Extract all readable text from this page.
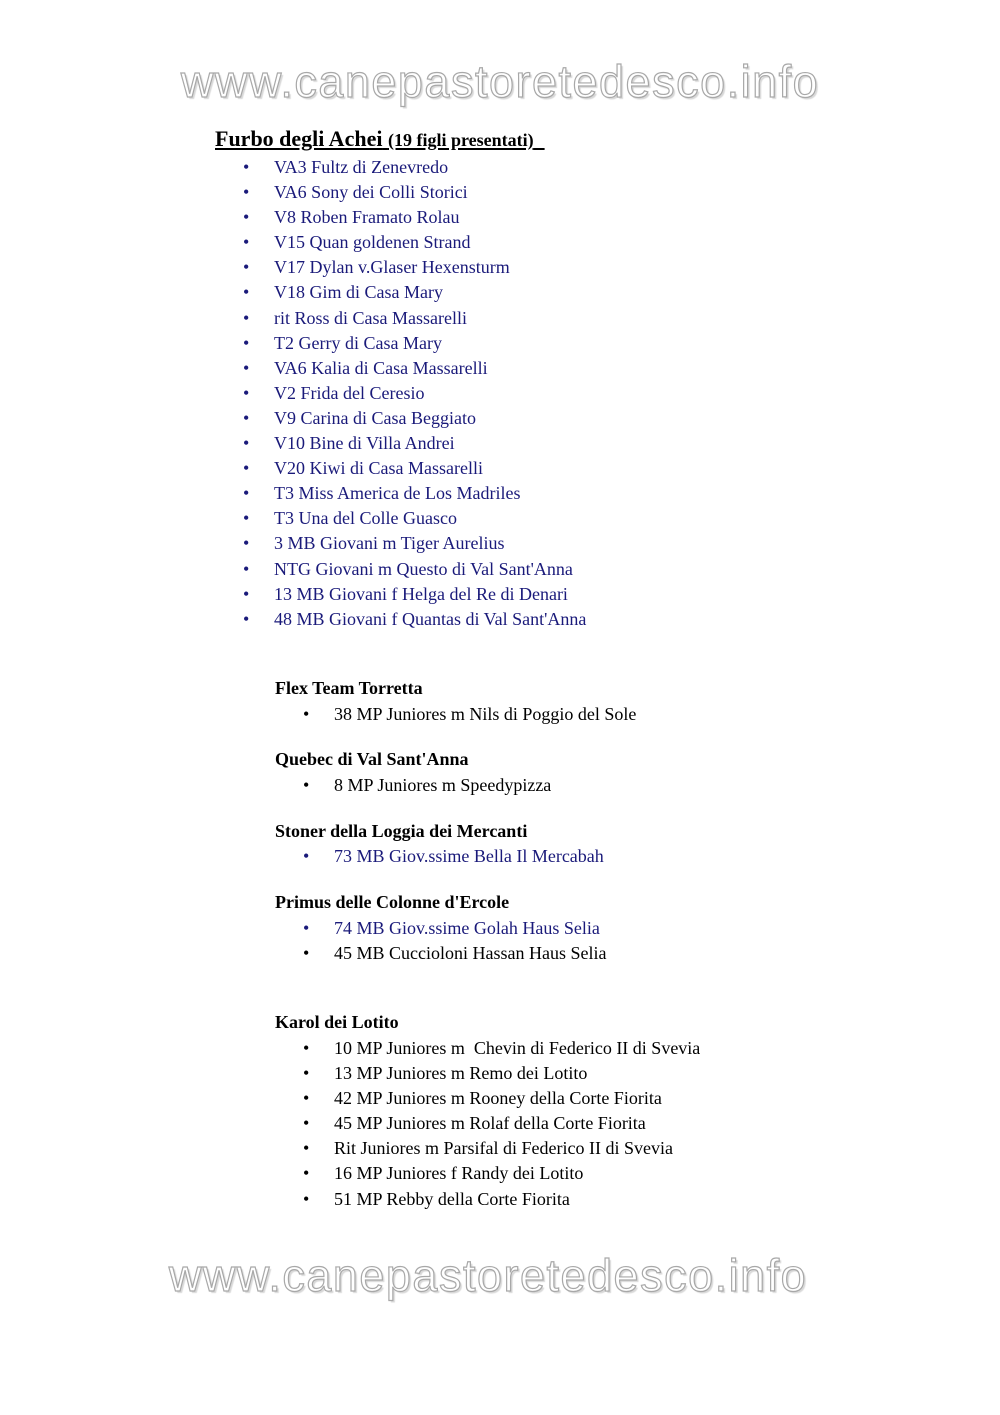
www.canepastoretedesco.info
Furbo degli Achei (19 figli presentati)
• VA3 Fultz di Zenevredo
• VA6 Sony dei Colli Storici
• V8 Roben Framato Rolau
• V15 Quan goldenen Strand
• V17 Dylan v.Glaser Hexensturm
• V18 Gim di Casa Mary
• rit Ross di Casa Massarelli
• T2 Gerry di Casa Mary
• VA6 Kalia di Casa Massarelli
• V2 Frida del Ceresio
• V9 Carina di Casa Beggiato
• V10 Bine di Villa Andrei
• V20 Kiwi di Casa Massarelli
• T3 Miss America de Los Madriles
• T3 Una del Colle Guasco
• 3 MB Giovani m Tiger Aurelius
• NTG Giovani m Questo di Val Sant'Anna
• 13 MB Giovani f Helga del Re di Denari
• 48 MB Giovani f Quantas di Val Sant'Anna
Flex Team Torretta
• 38 MP Juniores m Nils di Poggio del Sole
Quebec di Val Sant'Anna
• 8 MP Juniores m Speedypizza
Stoner della Loggia dei Mercanti
• 73 MB Giov.ssime Bella Il Mercabah
Primus delle Colonne d'Ercole
• 74 MB Giov.ssime Golah Haus Selia
• 45 MB Cuccioloni Hassan Haus Selia
Karol dei Lotito
• 10 MP Juniores m  Chevin di Federico II di Svevia
• 13 MP Juniores m Remo dei Lotito
• 42 MP Juniores m Rooney della Corte Fiorita
• 45 MP Juniores m Rolaf della Corte Fiorita
• Rit Juniores m Parsifal di Federico II di Svevia
• 16 MP Juniores f Randy dei Lotito
• 51 MP Rebby della Corte Fiorita
www.canepastoretedesco.info
